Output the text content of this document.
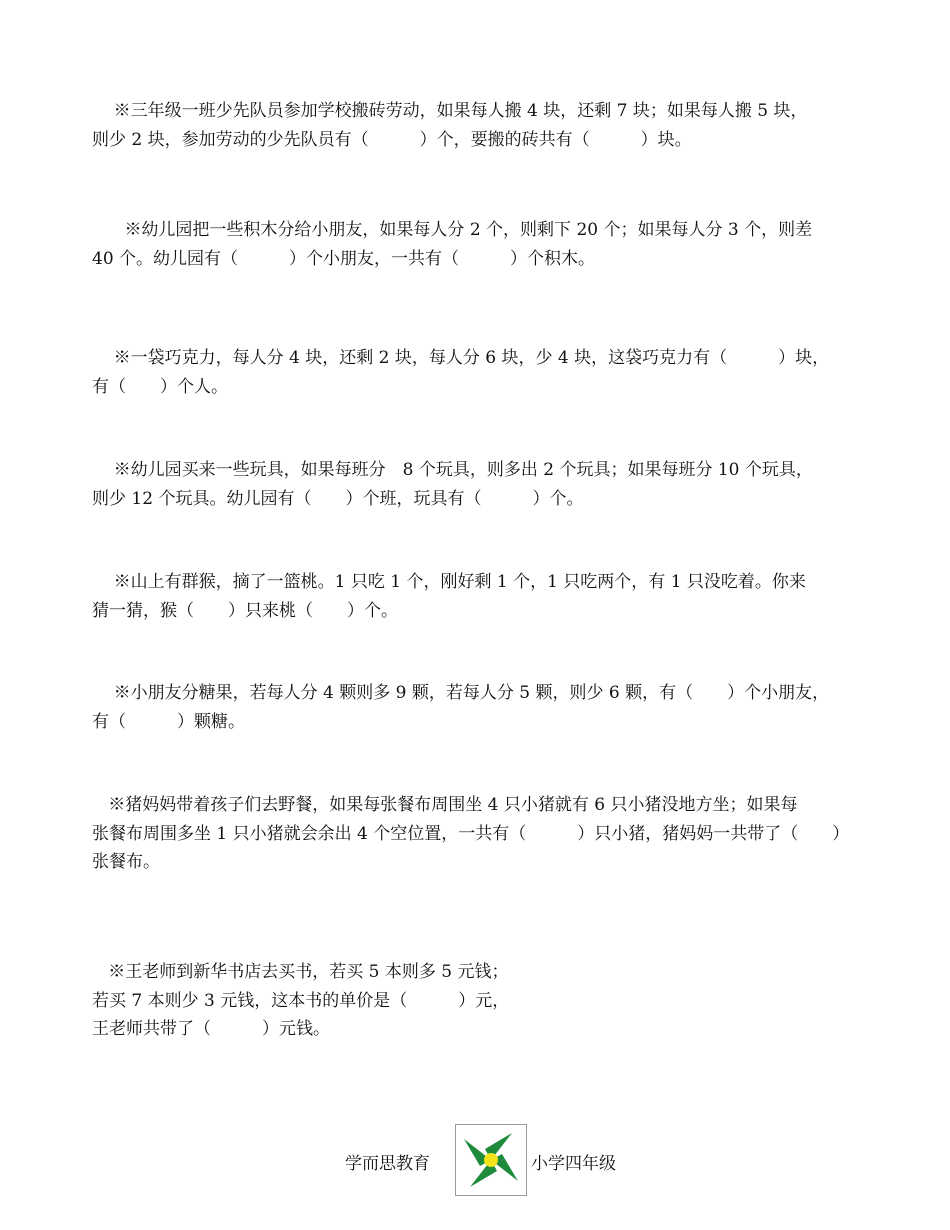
※三年级一班少先队员参加学校搬砖劳动，如果每人搬 4 块，还剩 7 块；如果每人搬 5 块，

则少 2 块，参加劳动的少先队员有（　　　）个，要搬的砖共有（　　　）块。

※幼儿园把一些积木分给小朋友，如果每人分 2 个，则剩下 20 个；如果每人分 3 个，则差

40 个。幼儿园有（　　　）个小朋友，一共有（　　　）个积木。

※一袋巧克力，每人分 4 块，还剩 2 块，每人分 6 块，少 4 块，这袋巧克力有（　　　）块，

有（　　）个人。

※幼儿园买来一些玩具，如果每班分　8 个玩具，则多出 2 个玩具；如果每班分 10 个玩具，

则少 12 个玩具。幼儿园有（　　）个班，玩具有（　　　）个。

※山上有群猴，摘了一篮桃。1 只吃 1 个，刚好剩 1 个，1 只吃两个，有 1 只没吃着。你来

猜一猜，猴（　　）只来桃（　　）个。

※小朋友分糖果，若每人分 4 颗则多 9 颗，若每人分 5 颗，则少 6 颗，有（　　）个小朋友，

有（　　　）颗糖。

※猪妈妈带着孩子们去野餐，如果每张餐布周围坐 4 只小猪就有 6 只小猪没地方坐；如果每

张餐布周围多坐 1 只小猪就会余出 4 个空位置，一共有（　　　）只小猪，猪妈妈一共带了（　　）

张餐布。

※王老师到新华书店去买书，若买 5 本则多 5 元钱；

若买 7 本则少 3 元钱，这本书的单价是（　　　）元，

王老师共带了（　　　）元钱。

学而思教育	小学四年级
